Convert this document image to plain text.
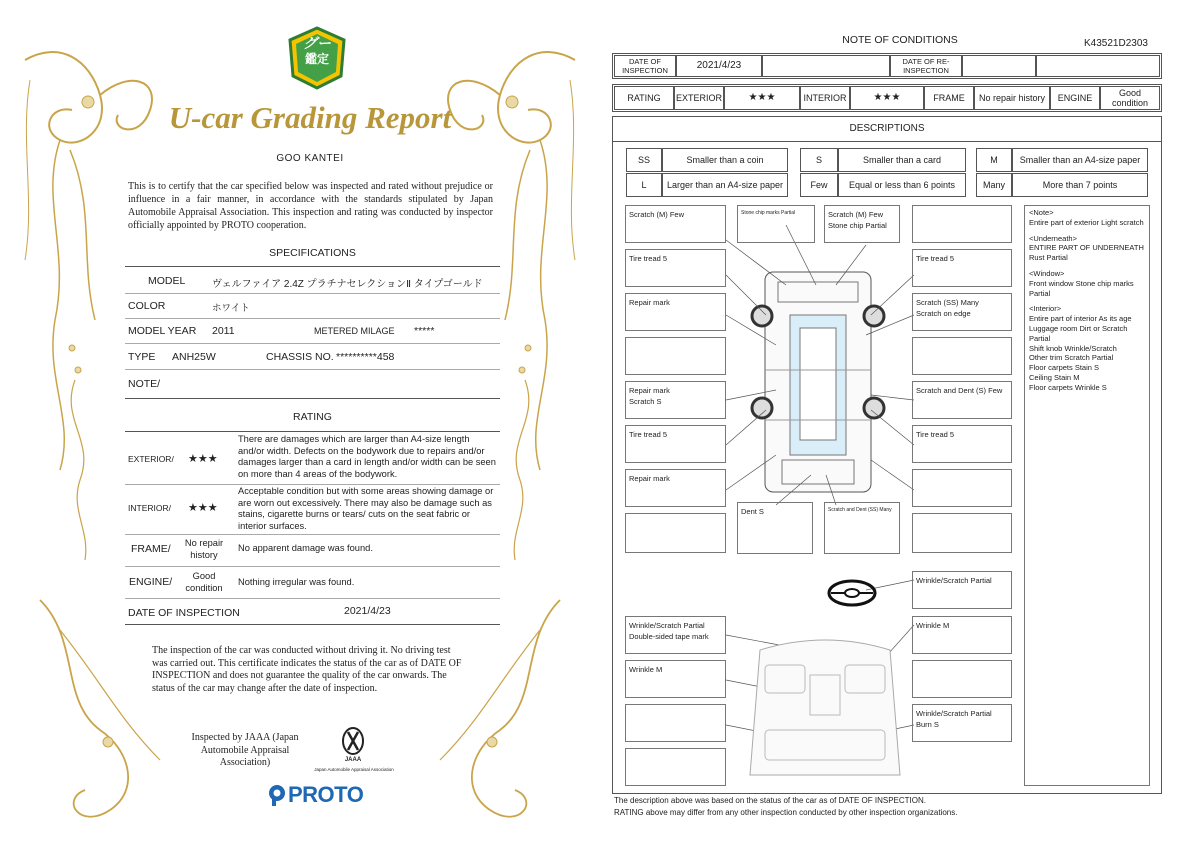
グー
鑑定
U-car Grading Report
GOO KANTEI
This is to certify that the car specified below was inspected and rated without prejudice or influence in a fair manner, in accordance with the standards stipulated by Japan Automobile Appraisal Association. This inspection and rating was conducted by inspector officially appointed by PROTO cooperation.
SPECIFICATIONS
MODEL	ヴェルファイア 2.4Z プラチナセレクションⅡ タイプゴールド
COLOR	ホワイト
MODEL YEAR 2011	METERED MILAGE *****
TYPE ANH25W	CHASSIS NO. **********458
NOTE/
RATING
EXTERIOR/ ★★★
There are damages which are larger than A4-size length and/or width. Defects on the bodywork due to repairs and/or damages larger than a card in length and/or width can be seen on more than 4 areas of the bodywork.
INTERIOR/ ★★★
Acceptable condition but with some areas showing damage or are worn out excessively. There may also be damage such as stains, cigarette burns or tears/ cuts on the seat fabric or interior surfaces.
FRAME/	No repair history
No apparent damage was found.
ENGINE/	Good condition
Nothing irregular was found.
DATE OF INSPECTION	2021/4/23
The inspection of the car was conducted without driving it. No driving test was carried out. This certificate indicates the status of the car as of DATE OF INSPECTION and does not guarantee the quality of the car onwards. The status of the car may change after the date of inspection.
Inspected by JAAA (Japan Automobile Appraisal Association)	JAAA
Japan Automobile Appraisal Association
PROTO
NOTE OF CONDITIONS	K43521D2303
DATE OF INSPECTION	2021/4/23	DATE OF RE-INSPECTION
RATING	EXTERIOR	★★★	INTERIOR	★★★	FRAME	No repair history	ENGINE	Good condition
DESCRIPTIONS
SS	Smaller than a coin	S	Smaller than a card	M	Smaller than an A4-size paper
L	Larger than an A4-size paper	Few	Equal or less than 6 points	Many	More than 7 points
Scratch (M) Few	Stone chip marks Partial	Scratch (M) Few
Stone chip Partial
Tire tread 5	Tire tread 5
Repair mark	Scratch (SS) Many
Scratch on edge
Repair mark
Scratch S
Scratch and Dent (S) Few
Tire tread 5	Tire tread 5
Repair mark
Dent S	Scratch and Dent (SS) Many
Wrinkle/Scratch Partial
Wrinkle/Scratch Partial
Double-sided tape mark
Wrinkle M
Wrinkle M
Wrinkle/Scratch Partial
Burn S
<Note>
Entire part of exterior Light scratch
<Underneath>
ENTIRE PART OF UNDERNEATH Rust Partial
<Window>
Front window Stone chip marks Partial
<Interior>
Entire part of interior As its age
Luggage room Dirt or Scratch Partial
Shift knob Wrinkle/Scratch
Other trim Scratch Partial
Floor carpets Stain S
Ceiling Stain M
Floor carpets Wrinkle S
The description above was based on the status of the car as of DATE OF INSPECTION.
RATING above may differ from any other inspection conducted by other inspection organizations.
